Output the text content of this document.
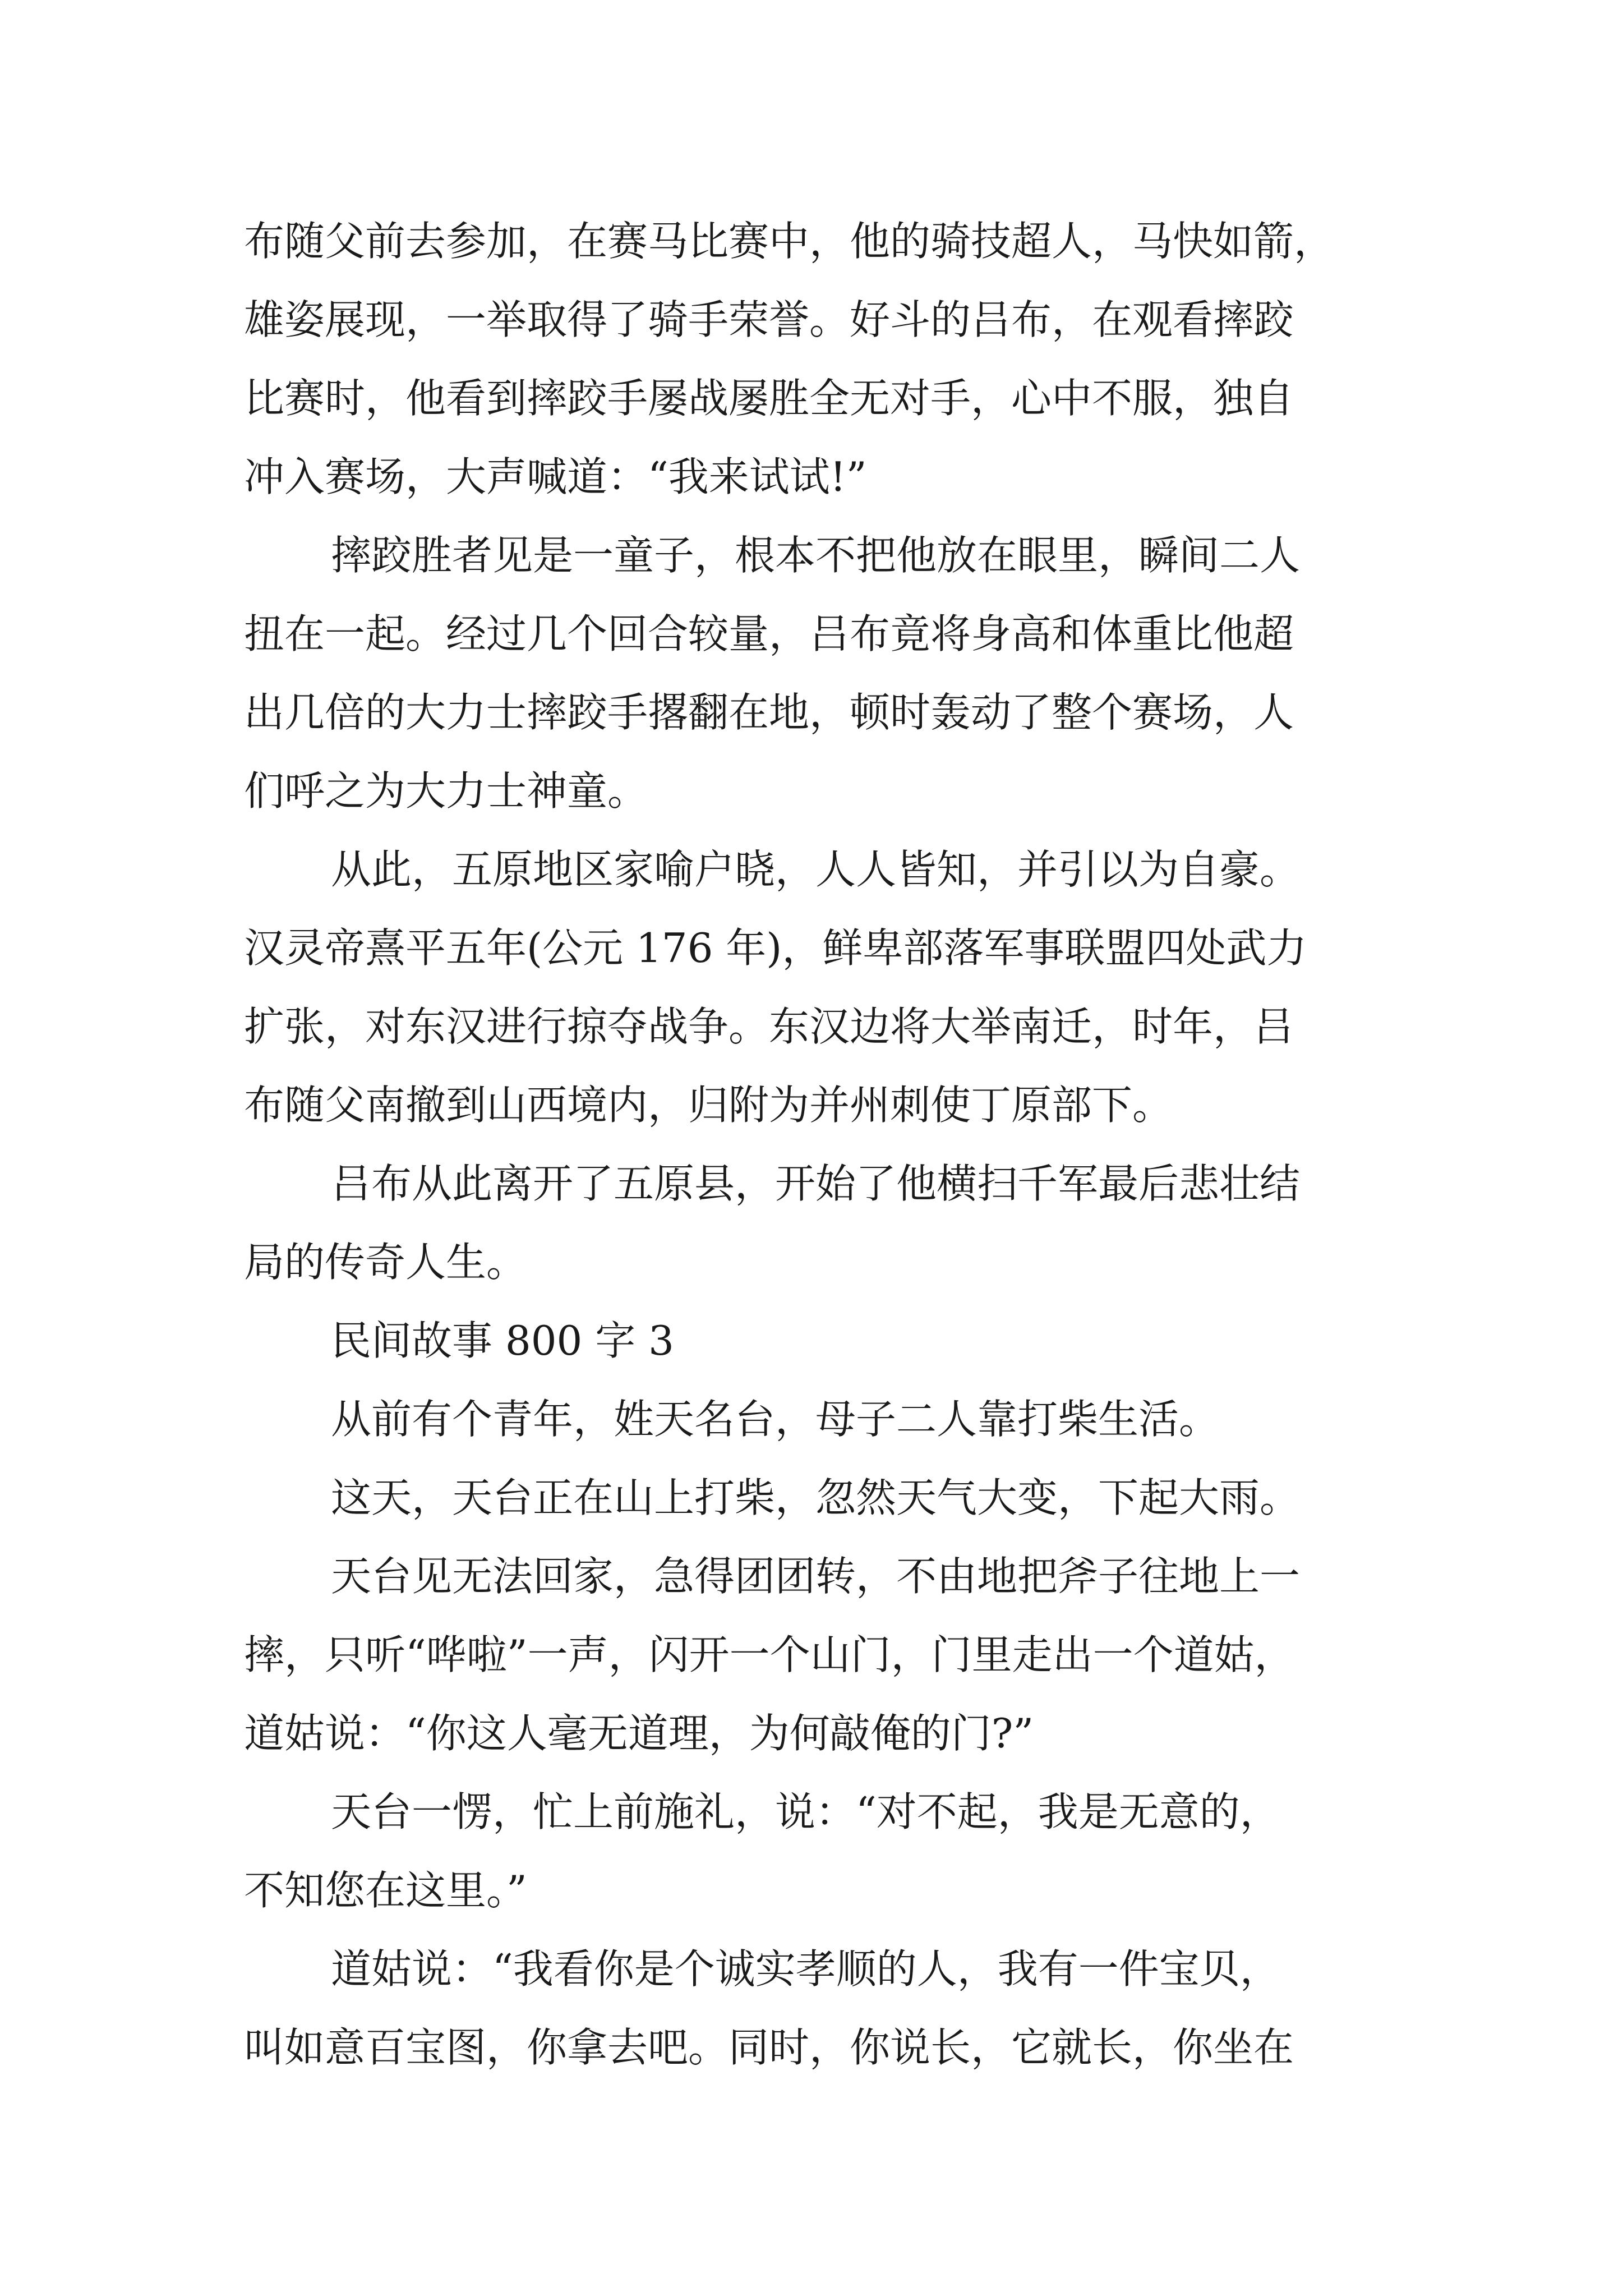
布随父前去参加，在赛马比赛中，他的骑技超人，马快如箭，
雄姿展现，一举取得了骑手荣誉。好斗的吕布，在观看摔跤
比赛时，他看到摔跤手屡战屡胜全无对手，心中不服，独自
冲入赛场，大声喊道：“我来试试!”
摔跤胜者见是一童子，根本不把他放在眼里，瞬间二人
扭在一起。经过几个回合较量，吕布竟将身高和体重比他超
出几倍的大力士摔跤手撂翻在地，顿时轰动了整个赛场，人
们呼之为大力士神童。
从此，五原地区家喻户晓，人人皆知，并引以为自豪。
汉灵帝熹平五年(公元 176 年)，鲜卑部落军事联盟四处武力
扩张，对东汉进行掠夺战争。东汉边将大举南迁，时年，吕
布随父南撤到山西境内，归附为并州刺使丁原部下。
吕布从此离开了五原县，开始了他横扫千军最后悲壮结
局的传奇人生。
民间故事 800 字 3
从前有个青年，姓天名台，母子二人靠打柴生活。
这天，天台正在山上打柴，忽然天气大变，下起大雨。
天台见无法回家，急得团团转，不由地把斧子往地上一
摔，只听“哗啦”一声，闪开一个山门，门里走出一个道姑，
道姑说：“你这人毫无道理，为何敲俺的门?”
天台一愣，忙上前施礼，说：“对不起，我是无意的，
不知您在这里。”
道姑说：“我看你是个诚实孝顺的人，我有一件宝贝，
叫如意百宝图，你拿去吧。同时，你说长，它就长，你坐在
